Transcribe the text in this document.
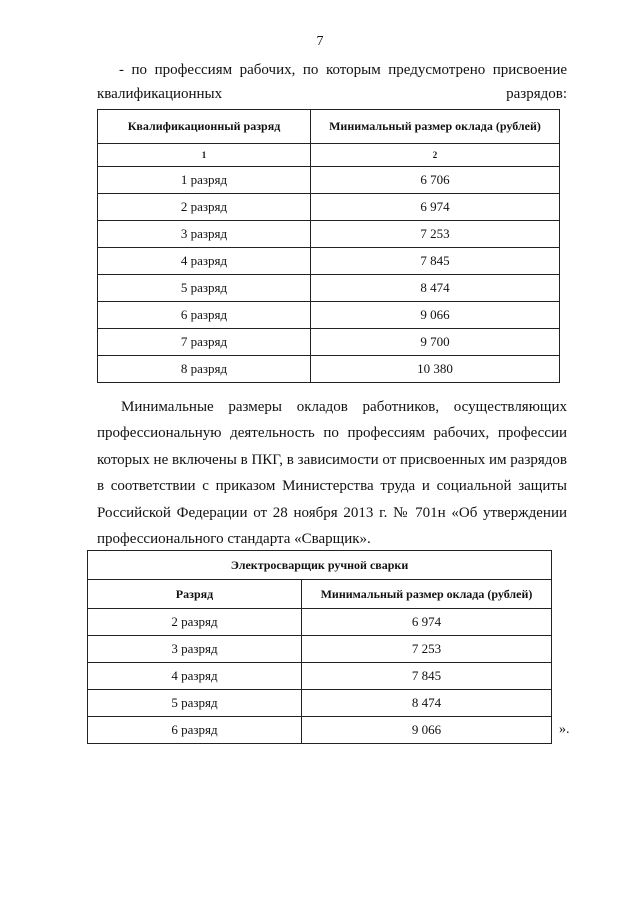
7
- по профессиям рабочих, по которым предусмотрено присвоение квалификационных разрядов:
Квалификационный разряд	Минимальный размер оклада (рублей)
1	2
1 разряд	6 706
2 разряд	6 974
3 разряд	7 253
4 разряд	7 845
5 разряд	8 474
6 разряд	9 066
7 разряд	9 700
8 разряд	10 380

Минимальные размеры окладов работников, осуществляющих профессиональную деятельность по профессиям рабочих, профессии которых не включены в ПКГ, в зависимости от присвоенных им разрядов в соответствии с приказом Министерства труда и социальной защиты Российской Федерации от 28 ноября 2013 г. № 701н «Об утверждении профессионального стандарта «Сварщик».

Электросварщик ручной сварки	
Разряд	Минимальный размер оклада (рублей)
2 разряд	6 974
3 разряд	7 253
4 разряд	7 845
5 разряд	8 474
6 разряд	9 066	».
